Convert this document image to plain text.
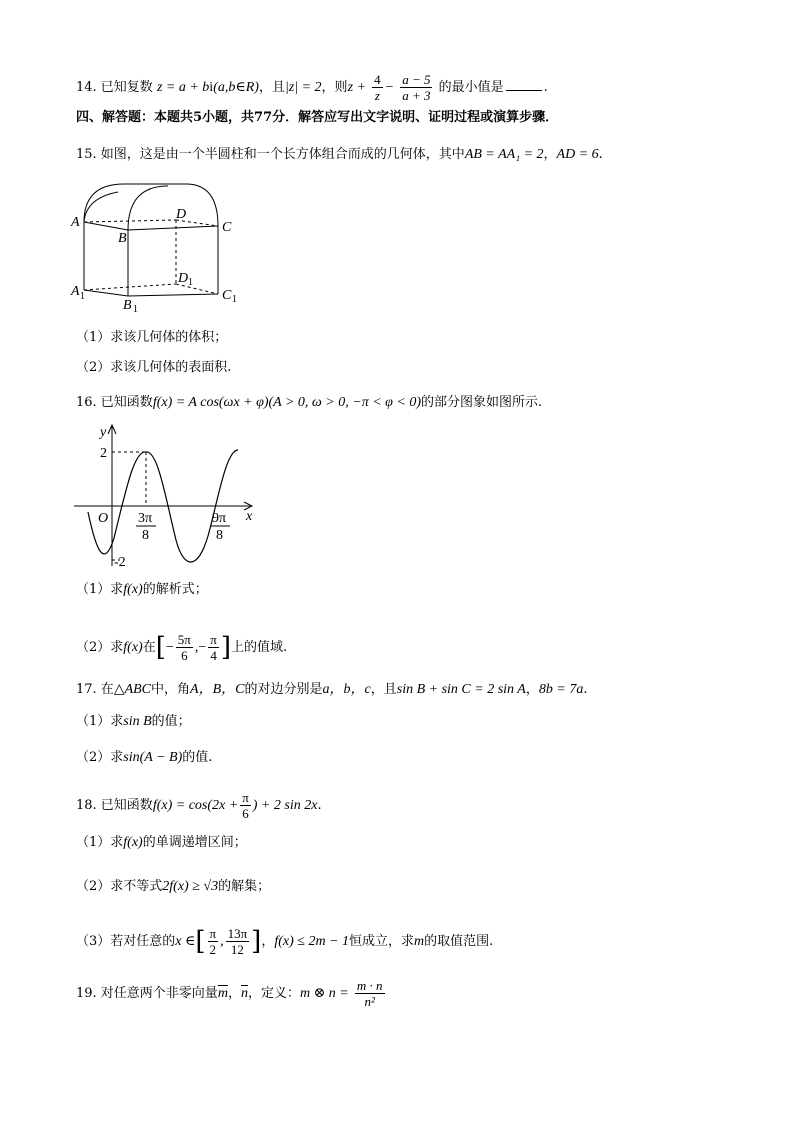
14. 已知复数 z = a + bi(a,b∈R)，且|z| = 2，则$z + \frac{4}{z} - \frac{a - 5}{a + 3}$ 的最小值是	.
四、解答题：本题共5小题，共77分．解答应写出文字说明、证明过程或演算步骤．
15. 如图，这是由一个半圆柱和一个长方体组合而成的几何体，其中AB = AA₁ = 2，AD = 6.
A
B
C
D
A 1
B 1
C 1
D 1
（1）求该几何体的体积；
（2）求该几何体的表面积.
16. 已知函数f(x) = A cos(ωx + φ)(A > 0, ω > 0, −π < φ < 0)的部分图象如图所示.
y
x
O
2
-2
3π
8
9π
8
（1）求f(x)的解析式；
（2）求f(x)在[− $\frac{5\pi}{6}$ ,− $\frac{\pi}{4}$ ]上的值域.
17. 在△ABC中，角A，B，C的对边分别是a，b，c，且sin B + sin C = 2 sin A，8b = 7a.
（1）求sin B的值；
（2）求sin(A − B)的值.
18. 已知函数$f(x) = \cos(2x + \frac{\pi}{6}$ ) + 2 sin 2x.
（1）求f(x)的单调递增区间；
（2）求不等式2f(x) ≥ √3的解集；
（3）若对任意的x ∈[ $\frac{\pi}{2}$ , $\frac{13\pi}{12}$ ]，f(x) ≤ 2m − 1恒成立，求m的取值范围.
19. 对任意两个非零向量$\overline{m}$，$\overline{n}$，定义：m ⊗ $n = \frac{m \cdot n}{\text{n²}}$
